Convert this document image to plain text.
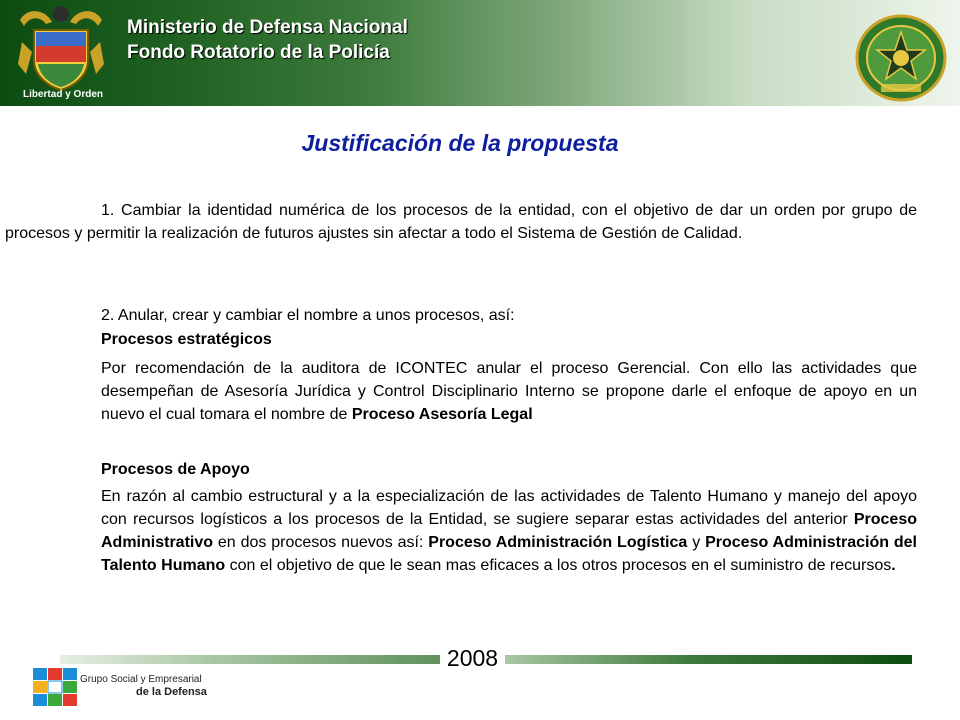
Libertad y Orden
Ministerio de Defensa Nacional
Fondo Rotatorio de la Policía
Justificación de la propuesta
1. Cambiar la identidad numérica de los procesos de la entidad, con el objetivo de dar un orden por grupo de procesos y permitir la realización de futuros ajustes sin afectar a todo el Sistema de Gestión de Calidad.
2. Anular, crear y cambiar el nombre a unos procesos, así:
Procesos estratégicos
Por recomendación de la auditora de ICONTEC anular el proceso Gerencial. Con ello las actividades que desempeñan de Asesoría Jurídica y Control Disciplinario Interno se propone darle el enfoque de apoyo en un nuevo el cual tomara el nombre de Proceso Asesoría Legal
Procesos de Apoyo
En razón al cambio estructural y a la especialización de las actividades de Talento Humano y manejo del apoyo con recursos logísticos a los procesos de la Entidad, se sugiere separar estas actividades del anterior Proceso Administrativo en dos procesos nuevos así: Proceso Administración Logística y Proceso Administración del Talento Humano con el objetivo de que le sean mas eficaces a los otros procesos en el suministro de recursos.
2008
Grupo Social y Empresarial
de la Defensa
